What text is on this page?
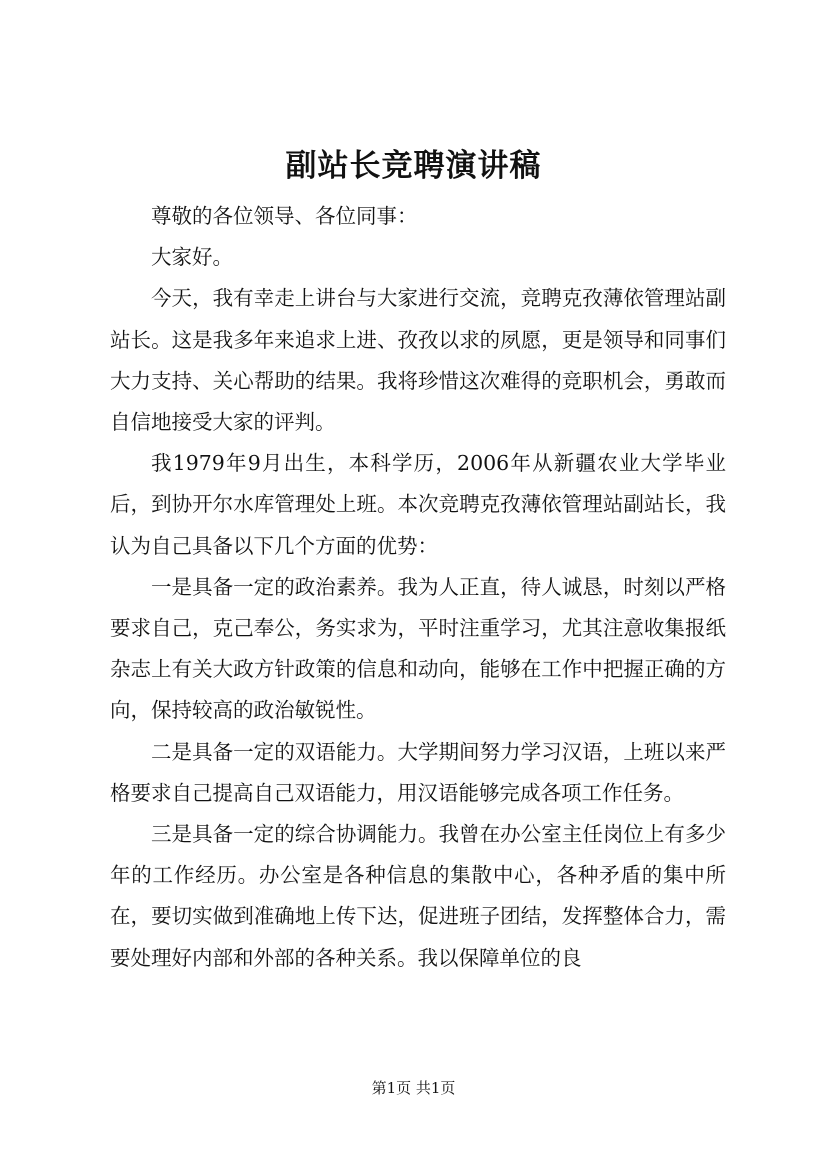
副站长竞聘演讲稿

尊敬的各位领导、各位同事：

大家好。

今天，我有幸走上讲台与大家进行交流，竞聘克孜薄依管理站副站长。这是我多年来追求上进、孜孜以求的夙愿，更是领导和同事们大力支持、关心帮助的结果。我将珍惜这次难得的竞职机会，勇敢而自信地接受大家的评判。

我1979年9月出生，本科学历，2006年从新疆农业大学毕业后，到协开尔水库管理处上班。本次竞聘克孜薄依管理站副站长，我认为自己具备以下几个方面的优势：

一是具备一定的政治素养。我为人正直，待人诚恳，时刻以严格要求自己，克己奉公，务实求为，平时注重学习，尤其注意收集报纸杂志上有关大政方针政策的信息和动向，能够在工作中把握正确的方向，保持较高的政治敏锐性。

二是具备一定的双语能力。大学期间努力学习汉语，上班以来严格要求自己提高自己双语能力，用汉语能够完成各项工作任务。

三是具备一定的综合协调能力。我曾在办公室主任岗位上有多少年的工作经历。办公室是各种信息的集散中心，各种矛盾的集中所在，要切实做到准确地上传下达，促进班子团结，发挥整体合力，需要处理好内部和外部的各种关系。我以保障单位的良

第1页 共1页
